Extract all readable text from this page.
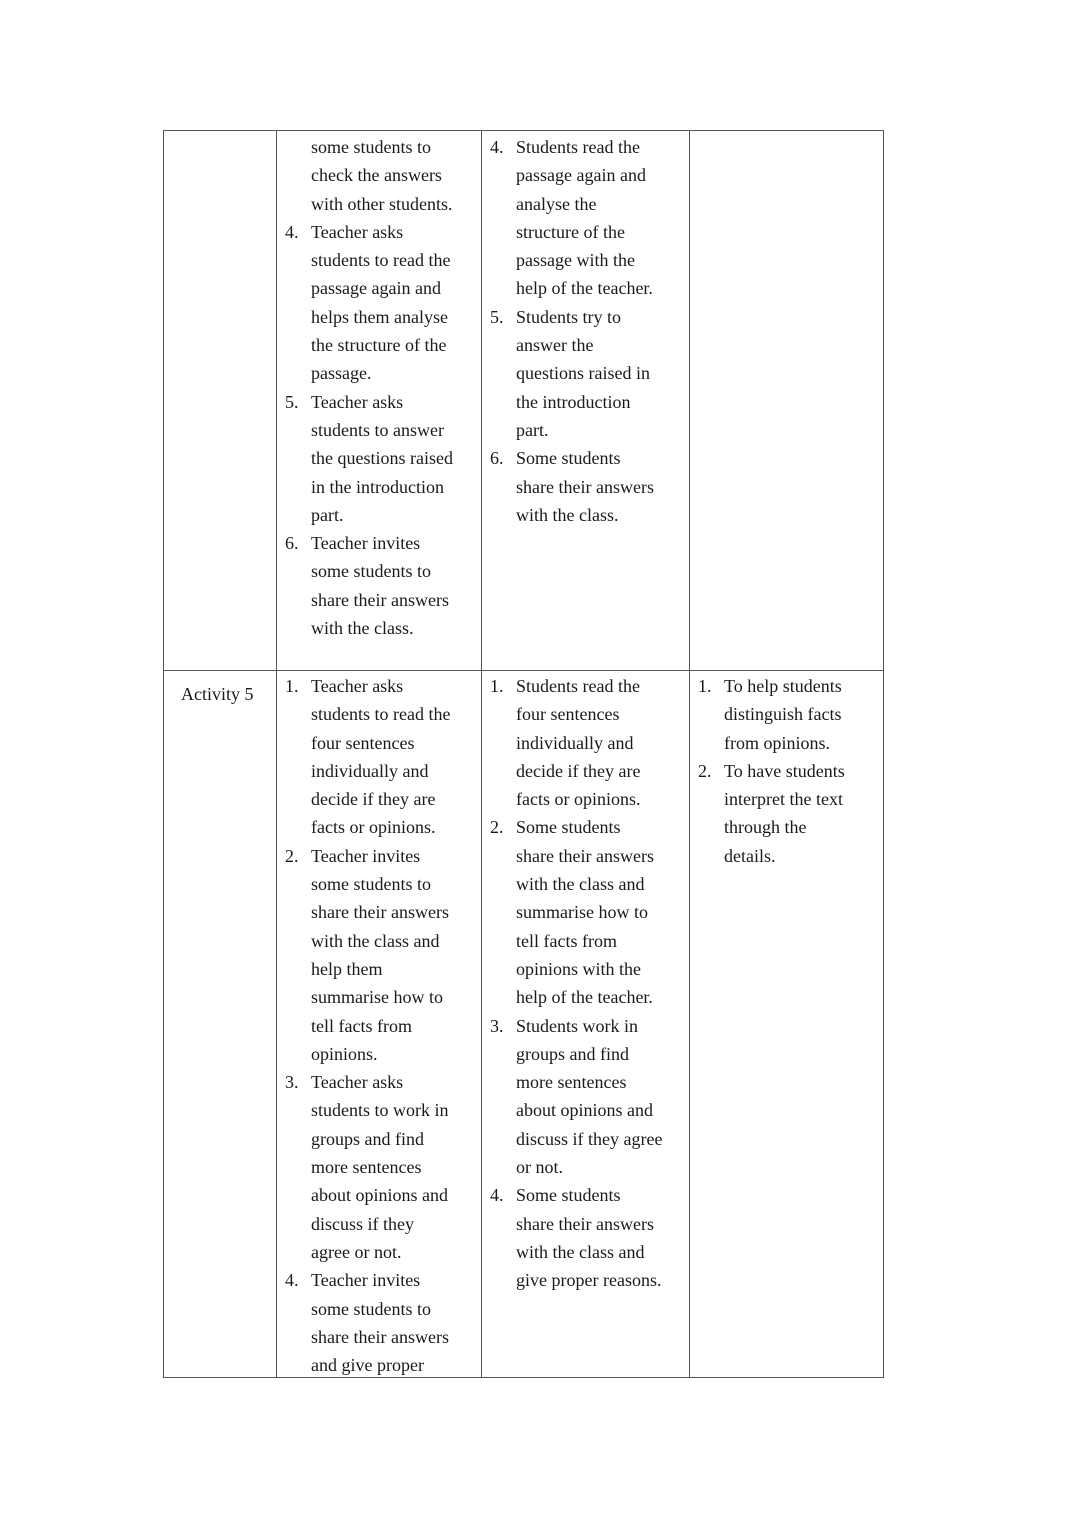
some students to
check the answers
with other students.
4. Teacher asks
students to read the
passage again and
helps them analyse
the structure of the
passage.
5. Teacher asks
students to answer
the questions raised
in the introduction
part.
6. Teacher invites
some students to
share their answers
with the class.
4. Students read the
passage again and
analyse the
structure of the
passage with the
help of the teacher.
5. Students try to
answer the
questions raised in
the introduction
part.
6. Some students
share their answers
with the class.
Activity 5	1. Teacher asks
students to read the
four sentences
individually and
decide if they are
facts or opinions.
2. Teacher invites
some students to
share their answers
with the class and
help them
summarise how to
tell facts from
opinions.
3. Teacher asks
students to work in
groups and find
more sentences
about opinions and
discuss if they
agree or not.
4. Teacher invites
some students to
share their answers
and give proper
1. Students read the
four sentences
individually and
decide if they are
facts or opinions.
2. Some students
share their answers
with the class and
summarise how to
tell facts from
opinions with the
help of the teacher.
3. Students work in
groups and find
more sentences
about opinions and
discuss if they agree
or not.
4. Some students
share their answers
with the class and
give proper reasons.
1. To help students
distinguish facts
from opinions.
2. To have students
interpret the text
through the
details.
